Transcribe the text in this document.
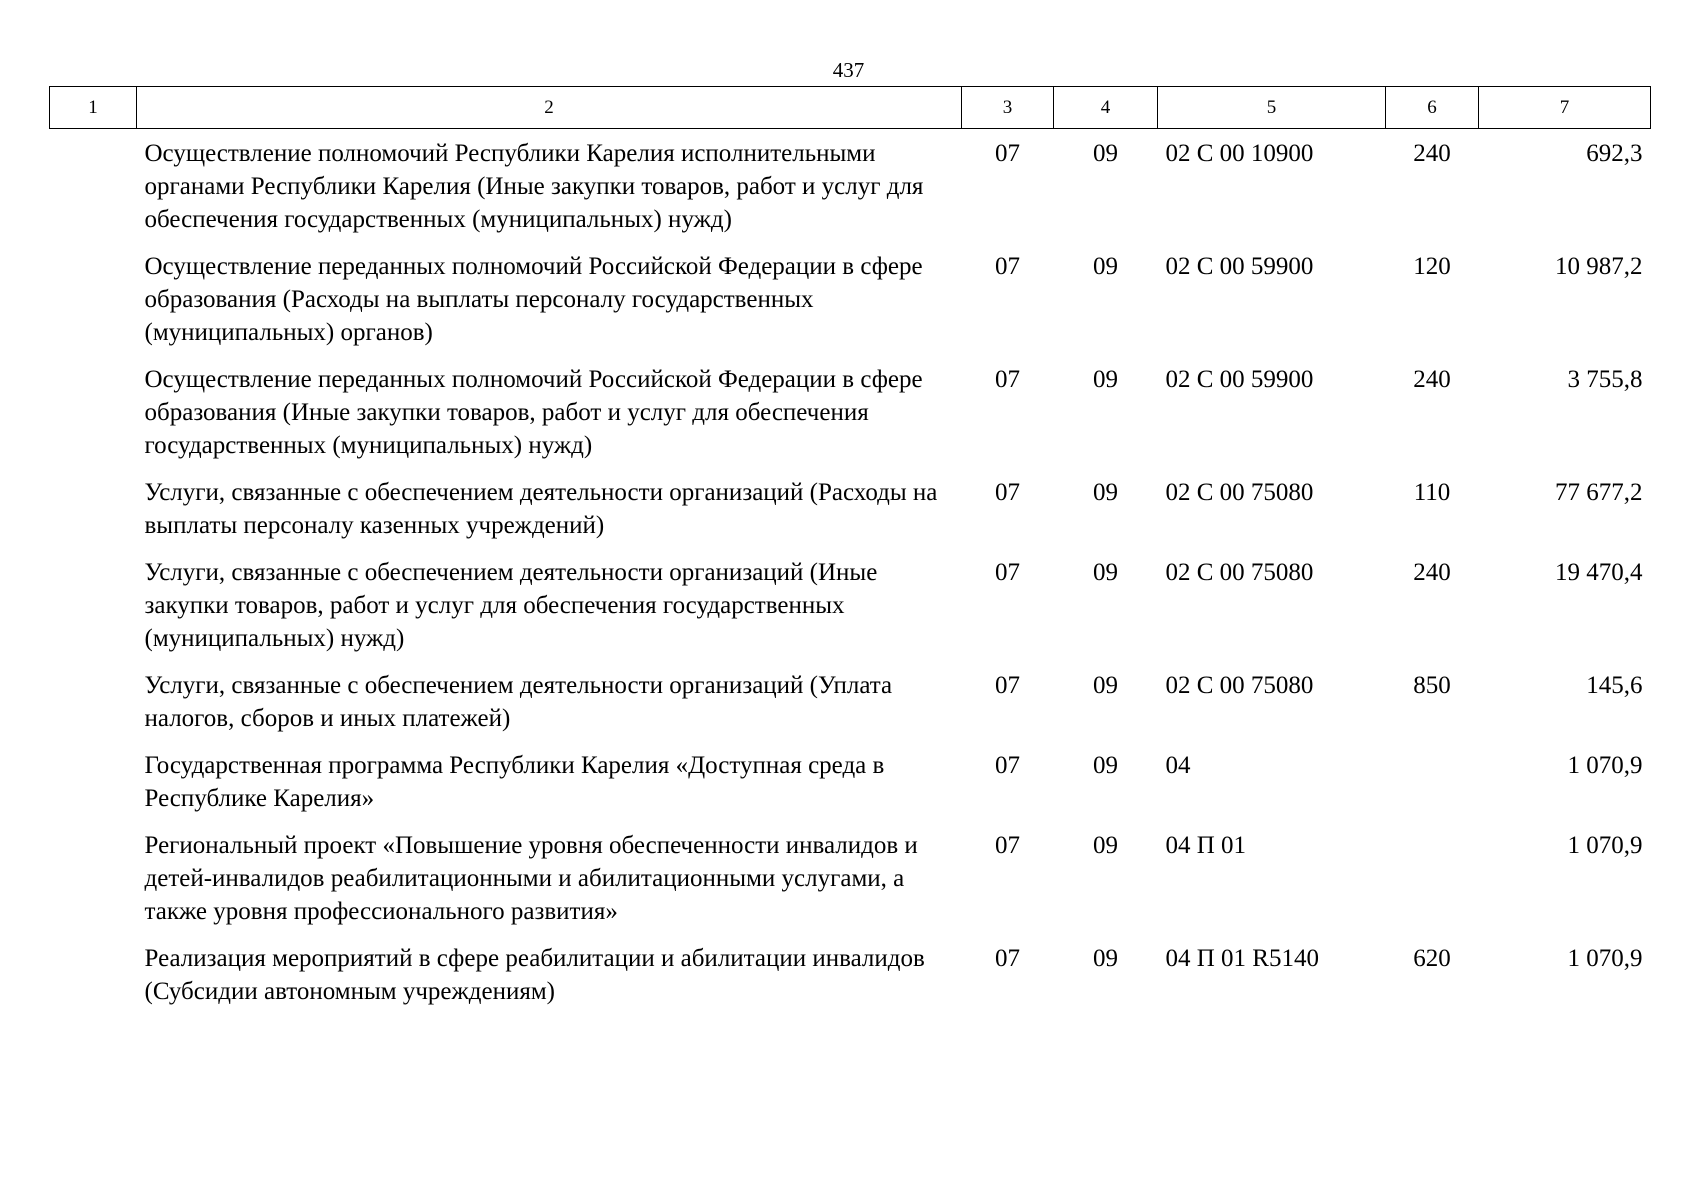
437
1	2	3	4	5	6	7
	Осуществление полномочий Республики Карелия исполнительными органами Республики Карелия (Иные закупки товаров, работ и услуг для обеспечения государственных (муниципальных) нужд)	07	09	02 С 00 10900	240	692,3
	Осуществление переданных полномочий Российской Федерации в сфере образования (Расходы на выплаты персоналу государственных (муниципальных) органов)	07	09	02 С 00 59900	120	10 987,2
	Осуществление переданных полномочий Российской Федерации в сфере образования (Иные закупки товаров, работ и услуг для обеспечения государственных (муниципальных) нужд)	07	09	02 С 00 59900	240	3 755,8
	Услуги, связанные с обеспечением деятельности организаций (Расходы на выплаты персоналу казенных учреждений)	07	09	02 С 00 75080	110	77 677,2
	Услуги, связанные с обеспечением деятельности организаций (Иные закупки товаров, работ и услуг для обеспечения государственных (муниципальных) нужд)	07	09	02 С 00 75080	240	19 470,4
	Услуги, связанные с обеспечением деятельности организаций (Уплата налогов, сборов и иных платежей)	07	09	02 С 00 75080	850	145,6
	Государственная программа Республики Карелия «Доступная среда в Республике Карелия»	07	09	04		1 070,9
	Региональный проект «Повышение уровня обеспеченности инвалидов и детей-инвалидов реабилитационными и абилитационными услугами, а также уровня профессионального развития»	07	09	04 П 01		1 070,9
	Реализация мероприятий в сфере реабилитации и абилитации инвалидов (Субсидии автономным учреждениям)	07	09	04 П 01 R5140	620	1 070,9
